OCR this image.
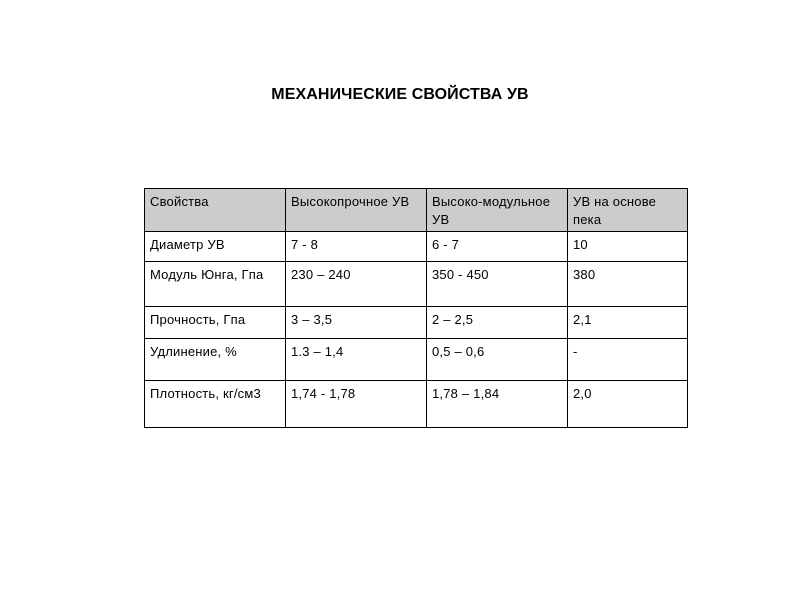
МЕХАНИЧЕСКИЕ СВОЙСТВА УВ
Свойства	Высокопрочное УВ	Высоко-модульное УВ	УВ на основе пека
Диаметр УВ	7 - 8	6 - 7	10
Модуль Юнга, Гпа	230 – 240	350 - 450	380
Прочность, Гпа	3 – 3,5	2 – 2,5	2,1
Удлинение, %	1.3 – 1,4	0,5 – 0,6	-
Плотность, кг/см3	1,74 - 1,78	1,78 – 1,84	2,0
